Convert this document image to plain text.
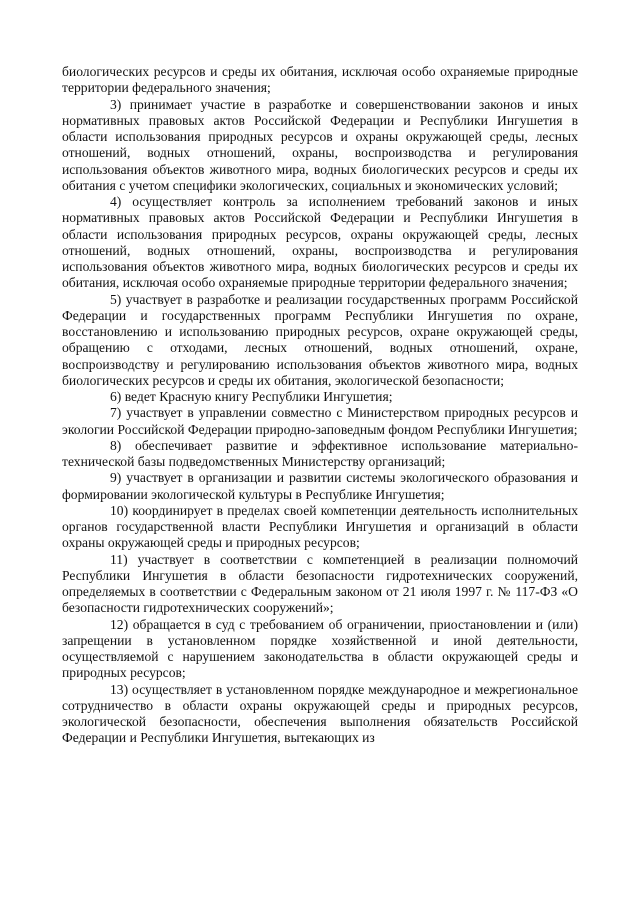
биологических ресурсов и среды их обитания, исключая особо охраняемые природные территории федерального значения;

3) принимает участие в разработке и совершенствовании законов и иных нормативных правовых актов Российской Федерации и Республики Ингушетия в области использования природных ресурсов и охраны окружающей среды, лесных отношений, водных отношений, охраны, воспроизводства и регулирования использования объектов животного мира, водных биологических ресурсов и среды их обитания с учетом специфики экологических, социальных и экономических условий;

4) осуществляет контроль за исполнением требований законов и иных нормативных правовых актов Российской Федерации и Республики Ингушетия в области использования природных ресурсов, охраны окружающей среды, лесных отношений, водных отношений, охраны, воспроизводства и регулирования использования объектов животного мира, водных биологических ресурсов и среды их обитания, исключая особо охраняемые природные территории федерального значения;

5) участвует в разработке и реализации государственных программ Российской Федерации и государственных программ Республики Ингушетия по охране, восстановлению и использованию природных ресурсов, охране окружающей среды, обращению с отходами, лесных отношений, водных отношений, охране, воспроизводству и регулированию использования объектов животного мира, водных биологических ресурсов и среды их обитания, экологической безопасности;

6) ведет Красную книгу Республики Ингушетия;

7) участвует в управлении совместно с Министерством природных ресурсов и экологии Российской Федерации природно-заповедным фондом Республики Ингушетия;

8) обеспечивает развитие и эффективное использование материально-технической базы подведомственных Министерству организаций;

9) участвует в организации и развитии системы экологического образования и формировании экологической культуры в Республике Ингушетия;

10) координирует в пределах своей компетенции деятельность исполнительных органов государственной власти Республики Ингушетия и организаций в области охраны окружающей среды и природных ресурсов;

11) участвует в соответствии с компетенцией в реализации полномочий Республики Ингушетия в области безопасности гидротехнических сооружений, определяемых в соответствии с Федеральным законом от 21 июля 1997 г. № 117-ФЗ «О безопасности гидротехнических сооружений»;

12) обращается в суд с требованием об ограничении, приостановлении и (или) запрещении в установленном порядке хозяйственной и иной деятельности, осуществляемой с нарушением законодательства в области окружающей среды и природных ресурсов;

13) осуществляет в установленном порядке международное и межрегиональное сотрудничество в области охраны окружающей среды и природных ресурсов, экологической безопасности, обеспечения выполнения обязательств Российской Федерации и Республики Ингушетия, вытекающих из
